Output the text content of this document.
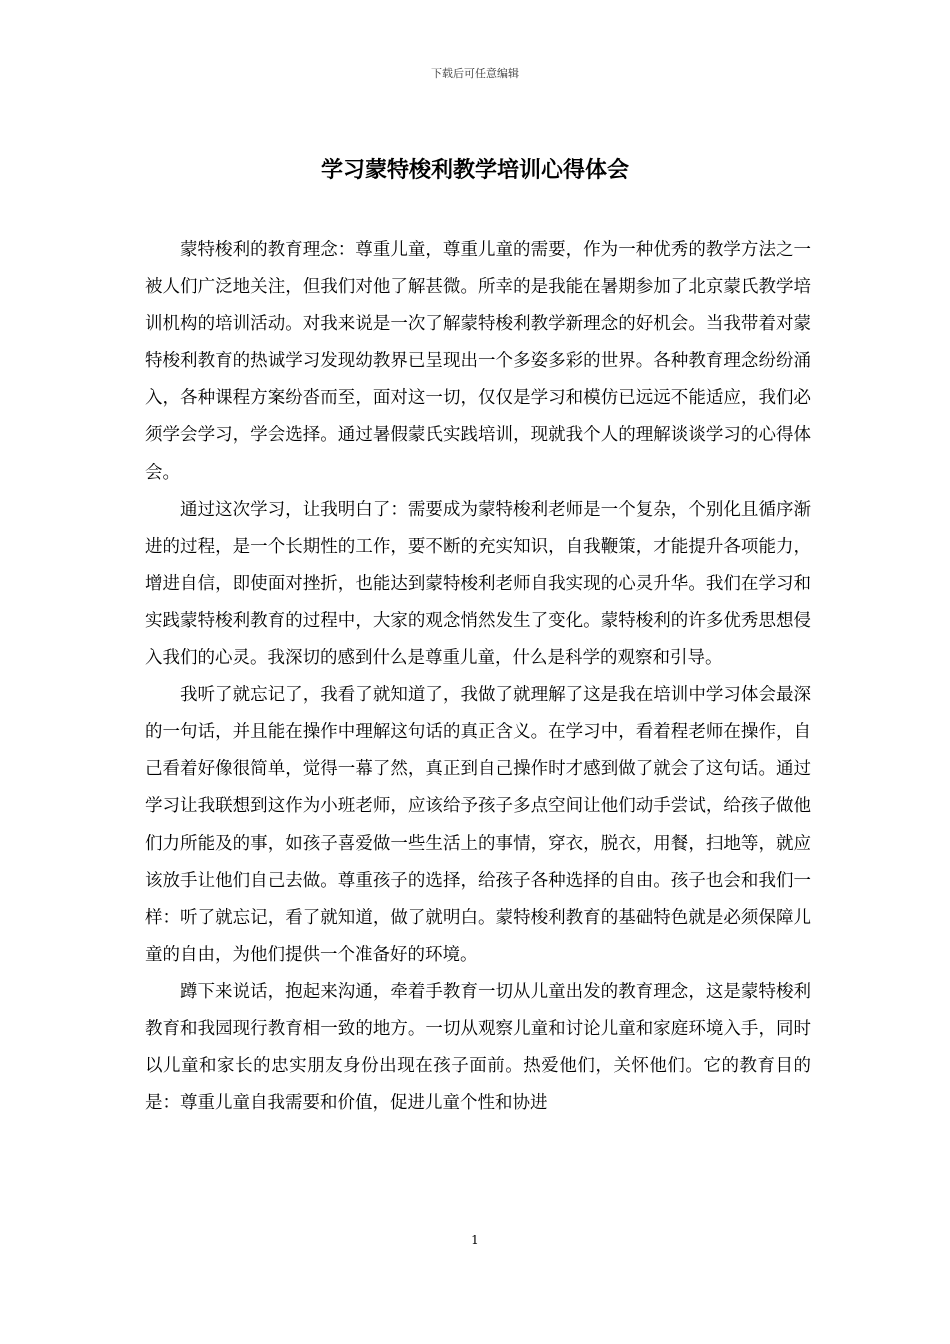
下载后可任意编辑
学习蒙特梭利教学培训心得体会

蒙特梭利的教育理念：尊重儿童，尊重儿童的需要，作为一种优秀的教学方法之一被人们广泛地关注，但我们对他了解甚微。所幸的是我能在暑期参加了北京蒙氏教学培训机构的培训活动。对我来说是一次了解蒙特梭利教学新理念的好机会。当我带着对蒙特梭利教育的热诚学习发现幼教界已呈现出一个多姿多彩的世界。各种教育理念纷纷涌入，各种课程方案纷沓而至，面对这一切，仅仅是学习和模仿已远远不能适应，我们必须学会学习，学会选择。通过暑假蒙氏实践培训，现就我个人的理解谈谈学习的心得体会。

通过这次学习，让我明白了：需要成为蒙特梭利老师是一个复杂，个别化且循序渐进的过程，是一个长期性的工作，要不断的充实知识，自我鞭策，才能提升各项能力，增进自信，即使面对挫折，也能达到蒙特梭利老师自我实现的心灵升华。我们在学习和实践蒙特梭利教育的过程中，大家的观念悄然发生了变化。蒙特梭利的许多优秀思想侵入我们的心灵。我深切的感到什么是尊重儿童，什么是科学的观察和引导。

我听了就忘记了，我看了就知道了，我做了就理解了这是我在培训中学习体会最深的一句话，并且能在操作中理解这句话的真正含义。在学习中，看着程老师在操作，自己看着好像很简单，觉得一幕了然，真正到自己操作时才感到做了就会了这句话。通过学习让我联想到这作为小班老师，应该给予孩子多点空间让他们动手尝试，给孩子做他们力所能及的事，如孩子喜爱做一些生活上的事情，穿衣，脱衣，用餐，扫地等，就应该放手让他们自己去做。尊重孩子的选择，给孩子各种选择的自由。孩子也会和我们一样：听了就忘记，看了就知道，做了就明白。蒙特梭利教育的基础特色就是必须保障儿童的自由，为他们提供一个准备好的环境。

蹲下来说话，抱起来沟通，牵着手教育一切从儿童出发的教育理念，这是蒙特梭利教育和我园现行教育相一致的地方。一切从观察儿童和讨论儿童和家庭环境入手，同时以儿童和家长的忠实朋友身份出现在孩子面前。热爱他们，关怀他们。它的教育目的是：尊重儿童自我需要和价值，促进儿童个性和协进

1
